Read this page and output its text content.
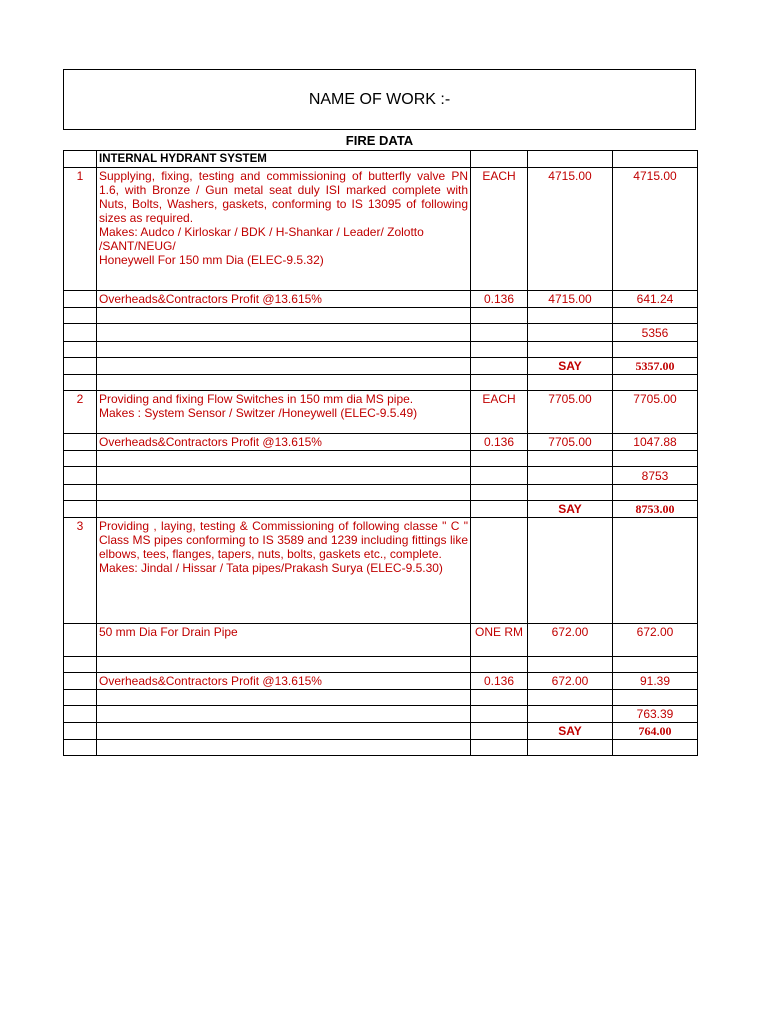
NAME OF WORK :-
FIRE DATA
	INTERNAL HYDRANT SYSTEM			
1	Supplying, fixing, testing and commissioning of butterfly valve PN 1.6, with Bronze / Gun metal seat duly ISI marked complete with Nuts, Bolts, Washers, gaskets, conforming to IS 13095 of following sizes as required.
Makes: Audco / Kirloskar / BDK / H-Shankar / Leader/ Zolotto /SANT/NEUG/
Honeywell For 150 mm Dia (ELEC-9.5.32)	EACH	4715.00	4715.00
	Overheads&Contractors Profit @13.615%	0.136	4715.00	641.24

				5356

			SAY	5357.00

2	Providing and fixing Flow Switches in 150 mm dia MS pipe.
Makes : System Sensor / Switzer /Honeywell (ELEC-9.5.49)	EACH	7705.00	7705.00
	Overheads&Contractors Profit @13.615%	0.136	7705.00	1047.88

				8753

			SAY	8753.00
3	Providing , laying, testing & Commissioning of following classe " C " Class MS pipes conforming to IS 3589 and 1239 including fittings like elbows, tees, flanges, tapers, nuts, bolts, gaskets etc., complete.
Makes: Jindal / Hissar / Tata pipes/Prakash Surya (ELEC-9.5.30)			

	50 mm Dia For Drain Pipe	ONE RM	672.00	672.00

	Overheads&Contractors Profit @13.615%	0.136	672.00	91.39

				763.39
			SAY	764.00
